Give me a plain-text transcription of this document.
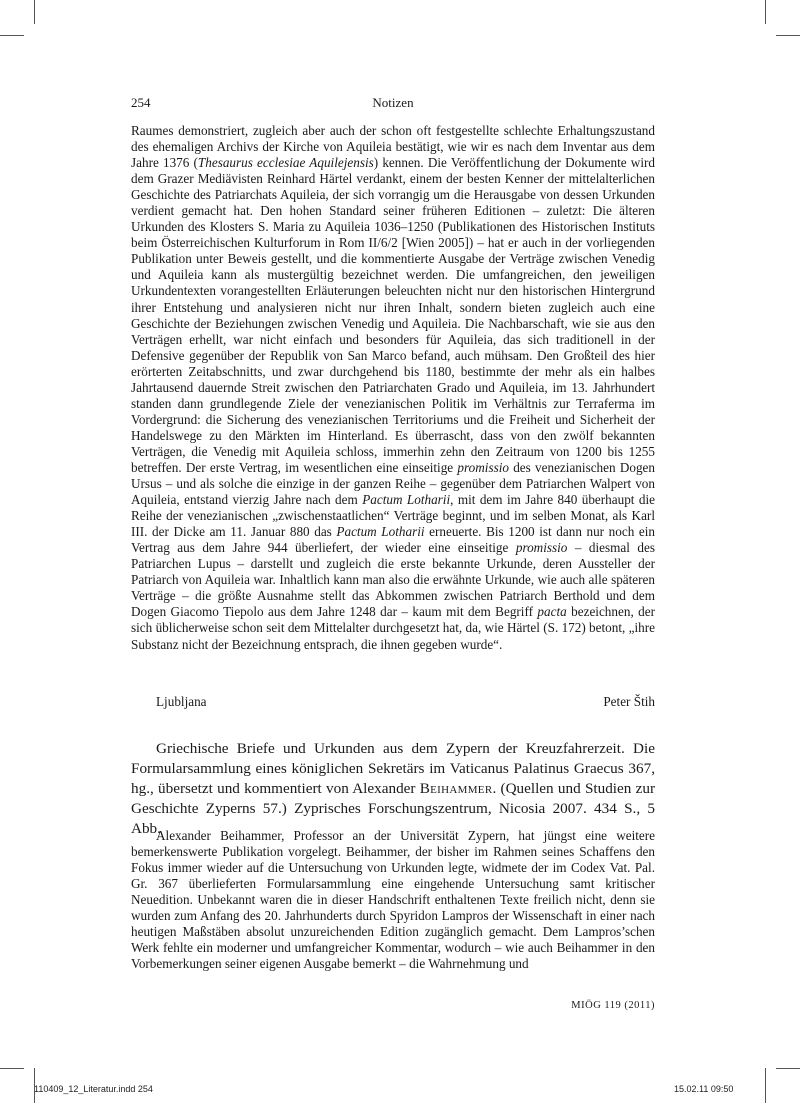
254	Notizen

Raumes demonstriert, zugleich aber auch der schon oft festgestellte schlechte Erhaltungszustand des ehemaligen Archivs der Kirche von Aquileia bestätigt, wie wir es nach dem Inventar aus dem Jahre 1376 (Thesaurus ecclesiae Aquilejensis) kennen. Die Veröffentlichung der Dokumente wird dem Grazer Mediävisten Reinhard Härtel verdankt, einem der besten Kenner der mittelalterlichen Geschichte des Patriarchats Aquileia, der sich vorrangig um die Herausgabe von dessen Urkunden verdient gemacht hat. Den hohen Standard seiner früheren Editionen – zuletzt: Die älteren Urkunden des Klosters S. Maria zu Aquileia 1036–1250 (Publikationen des Historischen Instituts beim Österreichischen Kulturforum in Rom II/6/2 [Wien 2005]) – hat er auch in der vorliegenden Publikation unter Beweis gestellt, und die kommentierte Ausgabe der Verträge zwischen Venedig und Aquileia kann als mustergültig bezeichnet werden. Die umfangreichen, den jeweiligen Urkundentexten vorangestellten Erläuterungen beleuchten nicht nur den historischen Hintergrund ihrer Entstehung und analysieren nicht nur ihren Inhalt, sondern bieten zugleich auch eine Geschichte der Beziehungen zwischen Venedig und Aquileia. Die Nachbarschaft, wie sie aus den Verträgen erhellt, war nicht einfach und besonders für Aquileia, das sich traditionell in der Defensive gegenüber der Republik von San Marco befand, auch mühsam. Den Großteil des hier erörterten Zeitabschnitts, und zwar durchgehend bis 1180, bestimmte der mehr als ein halbes Jahrtausend dauernde Streit zwischen den Patriarchaten Grado und Aquileia, im 13. Jahrhundert standen dann grundlegende Ziele der venezianischen Politik im Verhältnis zur Terraferma im Vordergrund: die Sicherung des venezianischen Territoriums und die Freiheit und Sicherheit der Handelswege zu den Märkten im Hinterland. Es überrascht, dass von den zwölf bekannten Verträgen, die Venedig mit Aquileia schloss, immerhin zehn den Zeitraum von 1200 bis 1255 betreffen. Der erste Vertrag, im wesentlichen eine einseitige promissio des venezianischen Dogen Ursus – und als solche die einzige in der ganzen Reihe – gegenüber dem Patriarchen Walpert von Aquileia, entstand vierzig Jahre nach dem Pactum Lotharii, mit dem im Jahre 840 überhaupt die Reihe der venezianischen „zwischenstaatlichen“ Verträge beginnt, und im selben Monat, als Karl III. der Dicke am 11. Januar 880 das Pactum Lotharii erneuerte. Bis 1200 ist dann nur noch ein Vertrag aus dem Jahre 944 überliefert, der wieder eine einseitige promissio – diesmal des Patriarchen Lupus – darstellt und zugleich die erste bekannte Urkunde, deren Aussteller der Patriarch von Aquileia war. Inhaltlich kann man also die erwähnte Urkunde, wie auch alle späteren Verträge – die größte Ausnahme stellt das Abkommen zwischen Patriarch Berthold und dem Dogen Giacomo Tiepolo aus dem Jahre 1248 dar – kaum mit dem Begriff pacta bezeichnen, der sich üblicherweise schon seit dem Mittelalter durchgesetzt hat, da, wie Härtel (S. 172) betont, „ihre Substanz nicht der Bezeichnung entsprach, die ihnen gegeben wurde“.

Ljubljana	Peter Štih

Griechische Briefe und Urkunden aus dem Zypern der Kreuzfahrerzeit. Die Formularsammlung eines königlichen Sekretärs im Vaticanus Palatinus Graecus 367, hg., übersetzt und kommentiert von Alexander Beihammer. (Quellen und Studien zur Geschichte Zyperns 57.) Zyprisches Forschungszentrum, Nicosia 2007. 434 S., 5 Abb.

Alexander Beihammer, Professor an der Universität Zypern, hat jüngst eine weitere bemerkenswerte Publikation vorgelegt. Beihammer, der bisher im Rahmen seines Schaffens den Fokus immer wieder auf die Untersuchung von Urkunden legte, widmete der im Codex Vat. Pal. Gr. 367 überlieferten Formularsammlung eine eingehende Untersuchung samt kritischer Neuedition. Unbekannt waren die in dieser Handschrift enthaltenen Texte freilich nicht, denn sie wurden zum Anfang des 20. Jahrhunderts durch Spyridon Lampros der Wissenschaft in einer nach heutigen Maßstäben absolut unzureichenden Edition zugänglich gemacht. Dem Lampros’schen Werk fehlte ein moderner und umfangreicher Kommentar, wodurch – wie auch Beihammer in den Vorbemerkungen seiner eigenen Ausgabe bemerkt – die Wahrnehmung und

MIÖG 119 (2011)
110409_12_Literatur.indd 254	15.02.11 09:50
